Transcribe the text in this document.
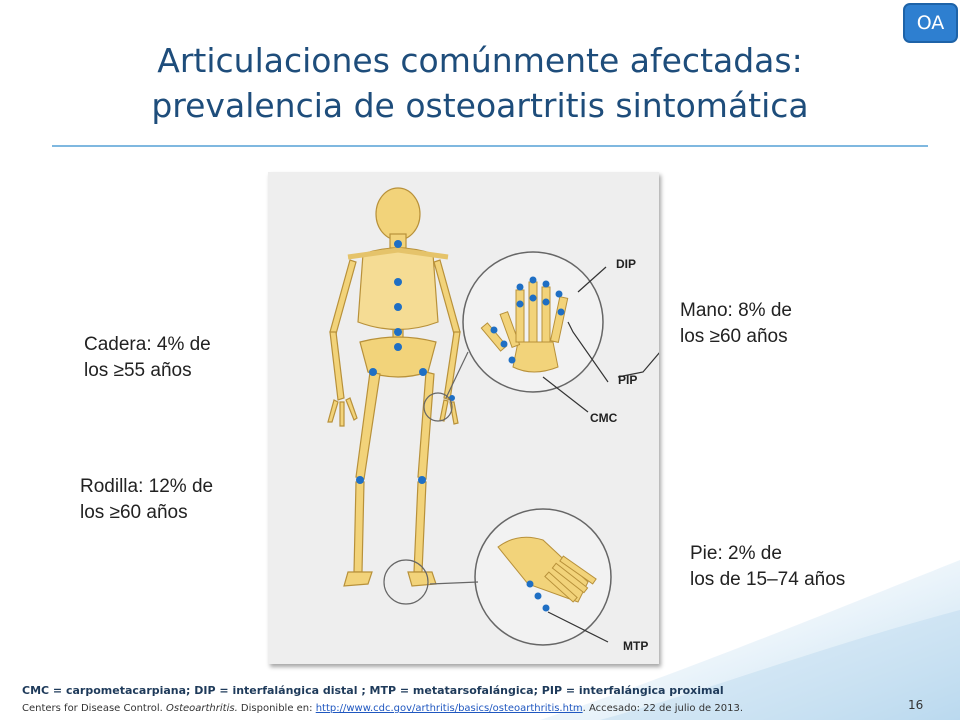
OA
Articulaciones comúnmente afectadas:
prevalencia de osteoartritis sintomática
DIP
PIP
CMC
MTP
Cadera: 4% de
los ≥55 años
Rodilla: 12% de
los ≥60 años
Mano: 8% de
los ≥60 años
Pie: 2% de
los de 15–74 años
CMC = carpometacarpiana; DIP = interfalángica distal ; MTP = metatarsofalángica; PIP = interfalángica proximal
Centers for Disease Control. Osteoarthritis. Disponible en: http://www.cdc.gov/arthritis/basics/osteoarthritis.htm. Accesado: 22 de julio de 2013.	16
